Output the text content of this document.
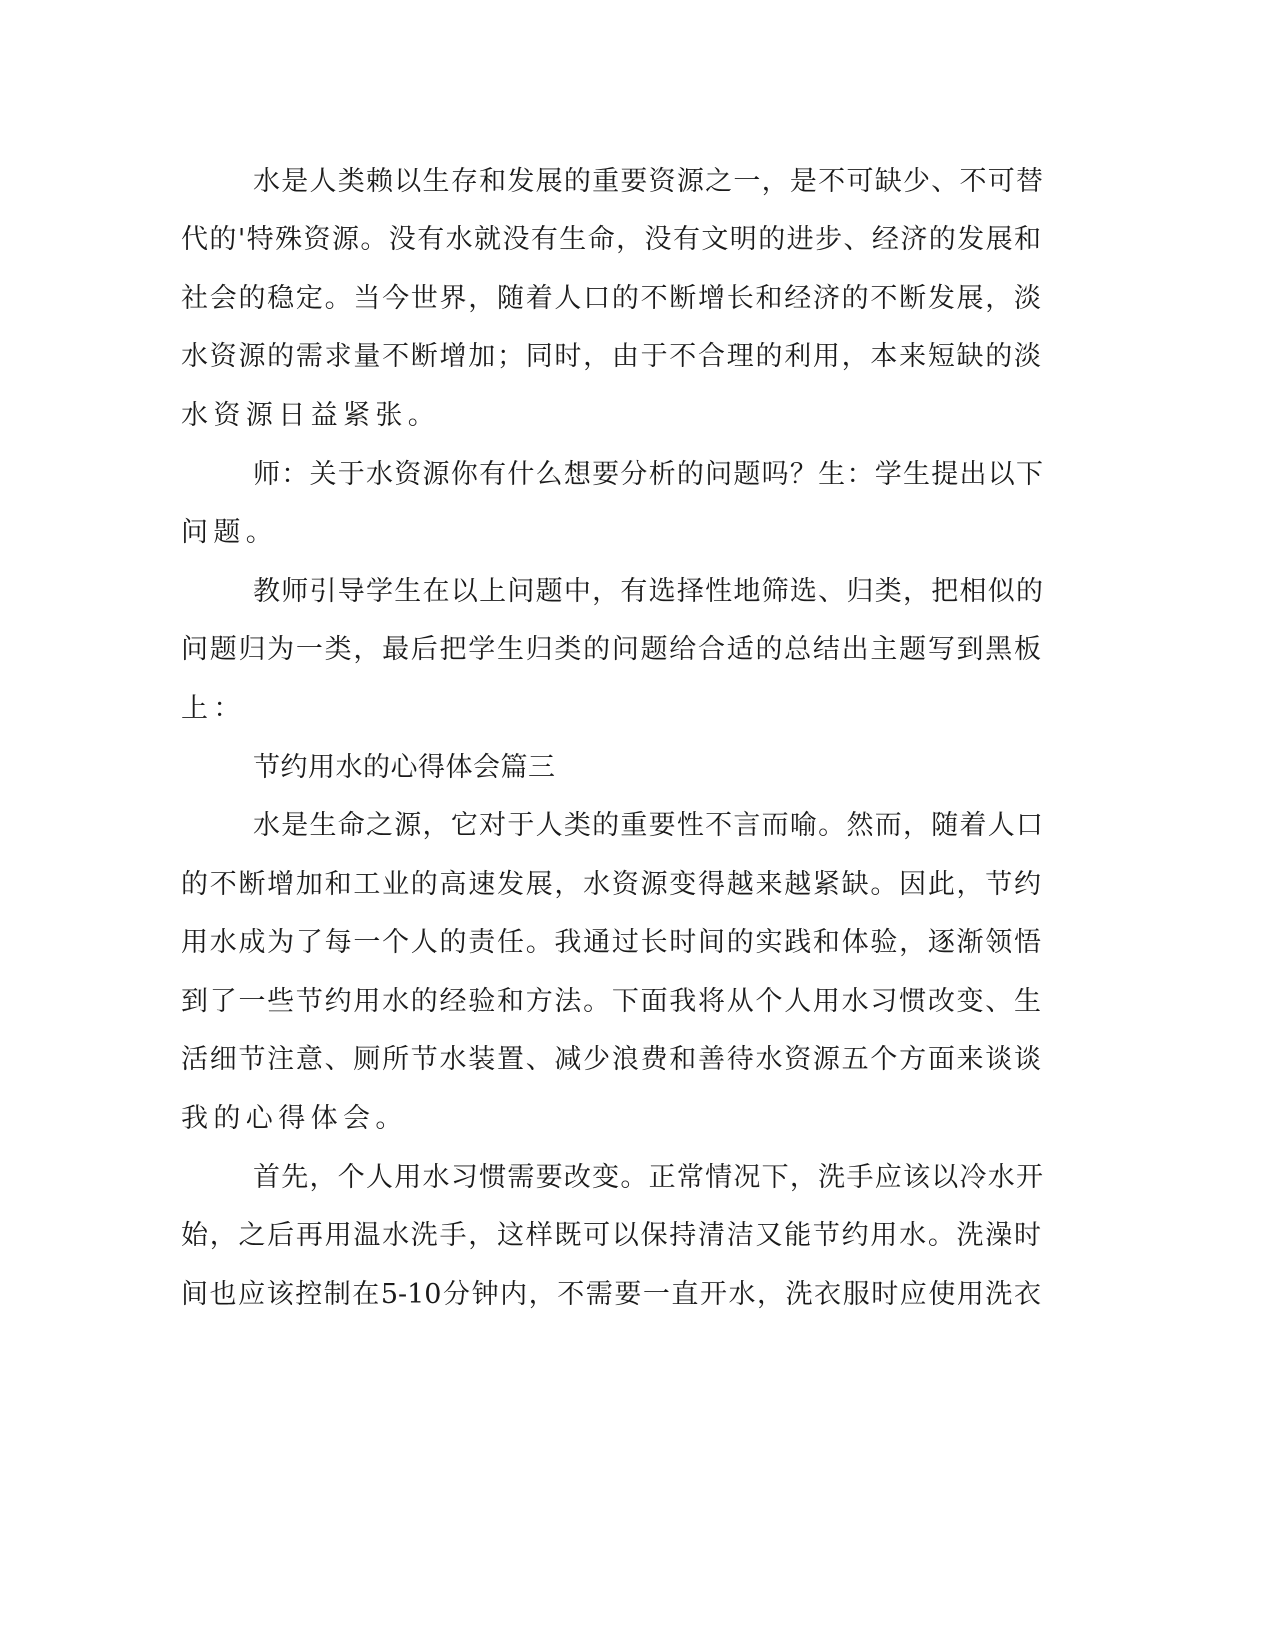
水是人类赖以生存和发展的重要资源之一，是不可缺少、不可替
代的'特殊资源。没有水就没有生命，没有文明的进步、经济的发展和
社会的稳定。当今世界，随着人口的不断增长和经济的不断发展，淡
水资源的需求量不断增加；同时，由于不合理的利用，本来短缺的淡
水资源日益紧张。
师：关于水资源你有什么想要分析的问题吗？生：学生提出以下
问题。
教师引导学生在以上问题中，有选择性地筛选、归类，把相似的
问题归为一类，最后把学生归类的问题给合适的总结出主题写到黑板
上：
节约用水的心得体会篇三
水是生命之源，它对于人类的重要性不言而喻。然而，随着人口
的不断增加和工业的高速发展，水资源变得越来越紧缺。因此，节约
用水成为了每一个人的责任。我通过长时间的实践和体验，逐渐领悟
到了一些节约用水的经验和方法。下面我将从个人用水习惯改变、生
活细节注意、厕所节水装置、减少浪费和善待水资源五个方面来谈谈
我的心得体会。
首先，个人用水习惯需要改变。正常情况下，洗手应该以冷水开
始，之后再用温水洗手，这样既可以保持清洁又能节约用水。洗澡时
间也应该控制在5-10分钟内，不需要一直开水，洗衣服时应使用洗衣
